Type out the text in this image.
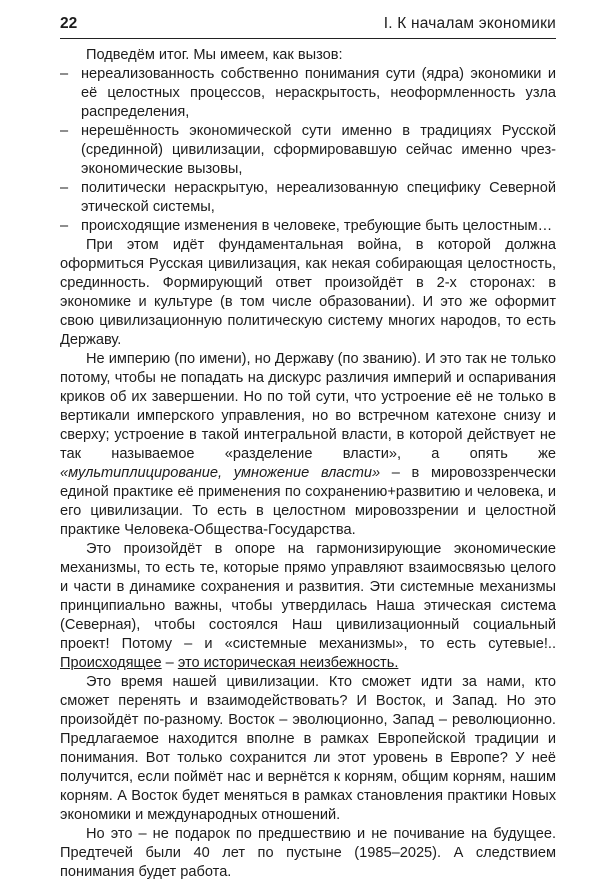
22	I. К началам экономики

Подведём итог. Мы имеем, как вызов:

– нереализованность собственно понимания сути (ядра) экономики и её целостных процессов, нераскрытость, неоформленность узла распределения,
– нерешённость экономической сути именно в традициях Русской (срединной) цивилизации, сформировавшую сейчас именно чрез-экономические вызовы,
– политически нераскрытую, нереализованную специфику Северной этической системы,
– происходящие изменения в человеке, требующие быть целостным…

При этом идёт фундаментальная война, в которой должна оформиться Русская цивилизация, как некая собирающая целостность, срединность. Формирующий ответ произойдёт в 2-х сторонах: в экономике и культуре (в том числе образовании). И это же оформит свою цивилизационную политическую систему многих народов, то есть Державу.

Не империю (по имени), но Державу (по званию). И это так не только потому, чтобы не попадать на дискурс различия империй и оспаривания криков об их завершении. Но по той сути, что устроение её не только в вертикали имперского управления, но во встречном катехоне снизу и сверху; устроение в такой интегральной власти, в которой действует не так называемое «разделение власти», а опять же «мультиплицирование, умножение власти» – в мировоззренчески единой практике её применения по сохранению+развитию и человека, и его цивилизации. То есть в целостном мировоззрении и целостной практике Человека-Общества-Государства.

Это произойдёт в опоре на гармонизирующие экономические механизмы, то есть те, которые прямо управляют взаимосвязью целого и части в динамике сохранения и развития. Эти системные механизмы принципиально важны, чтобы утвердилась Наша этическая система (Северная), чтобы состоялся Наш цивилизационный социальный проект! Потому – и «системные механизмы», то есть сутевые!.. Происходящее – это историческая неизбежность.

Это время нашей цивилизации. Кто сможет идти за нами, кто сможет перенять и взаимодействовать? И Восток, и Запад. Но это произойдёт по-разному. Восток – эволюционно, Запад – революционно. Предлагаемое находится вполне в рамках Европейской традиции и понимания. Вот только сохранится ли этот уровень в Европе? У неё получится, если поймёт нас и вернётся к корням, общим корням, нашим корням. А Восток будет меняться в рамках становления практики Новых экономики и международных отношений.

Но это – не подарок по предшествию и не почивание на будущее. Предтечей были 40 лет по пустыне (1985–2025). А следствием понимания будет работа.
